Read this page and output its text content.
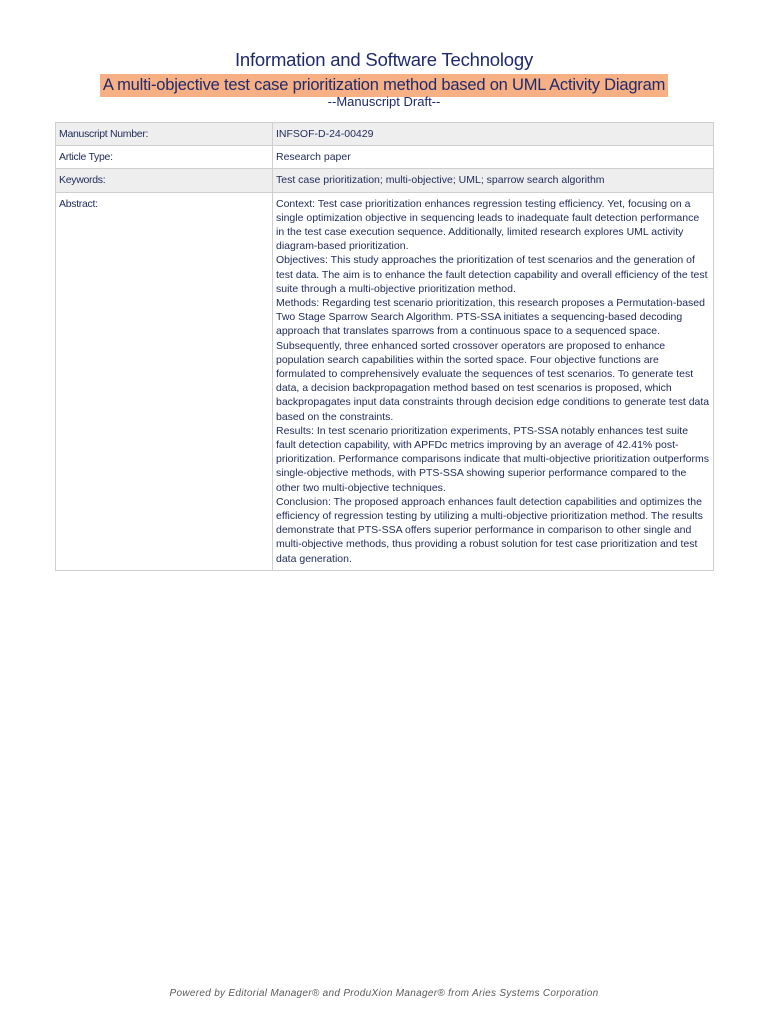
Information and Software Technology
A multi-objective test case prioritization method based on UML Activity Diagram
--Manuscript Draft--
Manuscript Number:	INFSOF-D-24-00429
Article Type:	Research paper
Keywords:	Test case prioritization; multi-objective; UML; sparrow search algorithm
Abstract:	Context: Test case prioritization enhances regression testing efficiency. Yet, focusing on a single optimization objective in sequencing leads to inadequate fault detection performance in the test case execution sequence. Additionally, limited research explores UML activity diagram-based prioritization.
Objectives: This study approaches the prioritization of test scenarios and the generation of test data. The aim is to enhance the fault detection capability and overall efficiency of the test suite through a multi-objective prioritization method.
Methods: Regarding test scenario prioritization, this research proposes a Permutation-based Two Stage Sparrow Search Algorithm. PTS-SSA initiates a sequencing-based decoding approach that translates sparrows from a continuous space to a sequenced space. Subsequently, three enhanced sorted crossover operators are proposed to enhance population search capabilities within the sorted space. Four objective functions are formulated to comprehensively evaluate the sequences of test scenarios. To generate test data, a decision backpropagation method based on test scenarios is proposed, which backpropagates input data constraints through decision edge conditions to generate test data based on the constraints.
Results: In test scenario prioritization experiments, PTS-SSA notably enhances test suite fault detection capability, with APFDc metrics improving by an average of 42.41% post-prioritization. Performance comparisons indicate that multi-objective prioritization outperforms single-objective methods, with PTS-SSA showing superior performance compared to the other two multi-objective techniques.
Conclusion: The proposed approach enhances fault detection capabilities and optimizes the efficiency of regression testing by utilizing a multi-objective prioritization method. The results demonstrate that PTS-SSA offers superior performance in comparison to other single and multi-objective methods, thus providing a robust solution for test case prioritization and test data generation.
Powered by Editorial Manager® and ProduXion Manager® from Aries Systems Corporation
